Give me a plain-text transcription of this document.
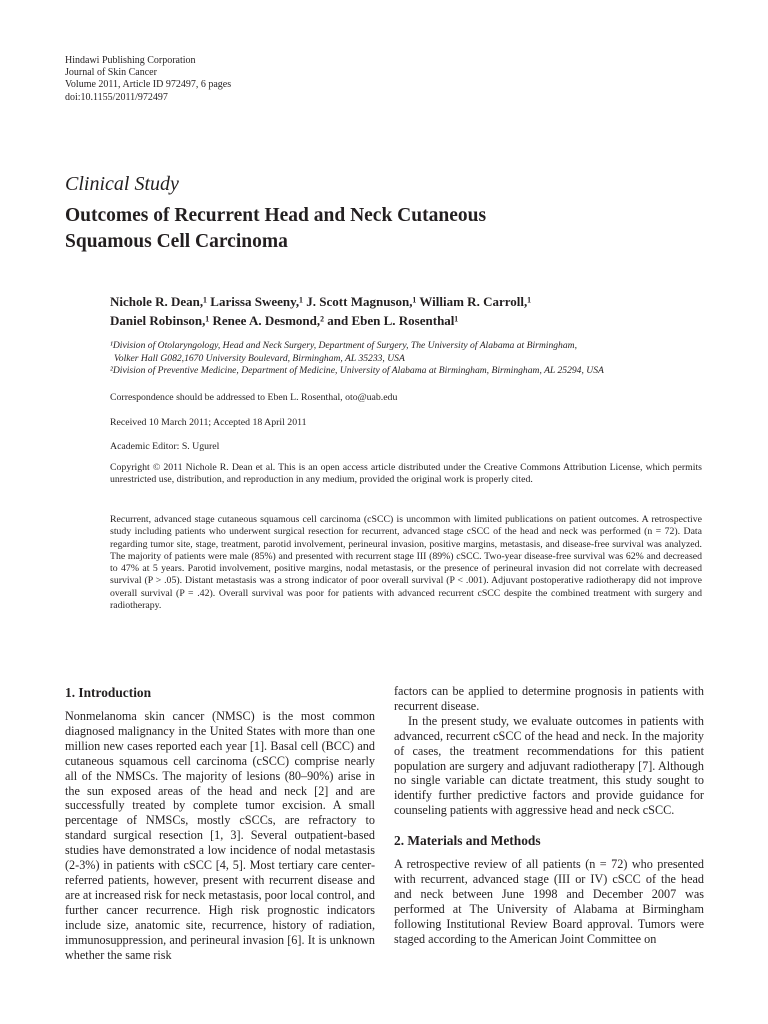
Hindawi Publishing Corporation
Journal of Skin Cancer
Volume 2011, Article ID 972497, 6 pages
doi:10.1155/2011/972497
Clinical Study
Outcomes of Recurrent Head and Neck Cutaneous
Squamous Cell Carcinoma
Nichole R. Dean,¹ Larissa Sweeny,¹ J. Scott Magnuson,¹ William R. Carroll,¹
Daniel Robinson,¹ Renee A. Desmond,² and Eben L. Rosenthal¹
¹Division of Otolaryngology, Head and Neck Surgery, Department of Surgery, The University of Alabama at Birmingham,
Volker Hall G082,1670 University Boulevard, Birmingham, AL 35233, USA
²Division of Preventive Medicine, Department of Medicine, University of Alabama at Birmingham, Birmingham, AL 25294, USA
Correspondence should be addressed to Eben L. Rosenthal, oto@uab.edu
Received 10 March 2011; Accepted 18 April 2011
Academic Editor: S. Ugurel
Copyright © 2011 Nichole R. Dean et al. This is an open access article distributed under the Creative Commons Attribution License, which permits unrestricted use, distribution, and reproduction in any medium, provided the original work is properly cited.
Recurrent, advanced stage cutaneous squamous cell carcinoma (cSCC) is uncommon with limited publications on patient outcomes. A retrospective study including patients who underwent surgical resection for recurrent, advanced stage cSCC of the head and neck was performed (n = 72). Data regarding tumor site, stage, treatment, parotid involvement, perineural invasion, positive margins, metastasis, and disease-free survival was analyzed. The majority of patients were male (85%) and presented with recurrent stage III (89%) cSCC. Two-year disease-free survival was 62% and decreased to 47% at 5 years. Parotid involvement, positive margins, nodal metastasis, or the presence of perineural invasion did not correlate with decreased survival (P > .05). Distant metastasis was a strong indicator of poor overall survival (P < .001). Adjuvant postoperative radiotherapy did not improve overall survival (P = .42). Overall survival was poor for patients with advanced recurrent cSCC despite the combined treatment with surgery and radiotherapy.
1. Introduction

Nonmelanoma skin cancer (NMSC) is the most common diagnosed malignancy in the United States with more than one million new cases reported each year [1]. Basal cell (BCC) and cutaneous squamous cell carcinoma (cSCC) comprise nearly all of the NMSCs. The majority of lesions (80–90%) arise in the sun exposed areas of the head and neck [2] and are successfully treated by complete tumor excision. A small percentage of NMSCs, mostly cSCCs, are refractory to standard surgical resection [1, 3]. Several outpatient-based studies have demonstrated a low incidence of nodal metastasis (2-3%) in patients with cSCC [4, 5]. Most tertiary care center-referred patients, however, present with recurrent disease and are at increased risk for neck metastasis, poor local control, and further cancer recurrence. High risk prognostic indicators include size, anatomic site, recurrence, history of radiation, immunosuppression, and perineural invasion [6]. It is unknown whether the same risk

factors can be applied to determine prognosis in patients with recurrent disease.

In the present study, we evaluate outcomes in patients with advanced, recurrent cSCC of the head and neck. In the majority of cases, the treatment recommendations for this patient population are surgery and adjuvant radiotherapy [7]. Although no single variable can dictate treatment, this study sought to identify further predictive factors and provide guidance for counseling patients with aggressive head and neck cSCC.

2. Materials and Methods

A retrospective review of all patients (n = 72) who presented with recurrent, advanced stage (III or IV) cSCC of the head and neck between June 1998 and December 2007 was performed at The University of Alabama at Birmingham following Institutional Review Board approval. Tumors were staged according to the American Joint Committee on
